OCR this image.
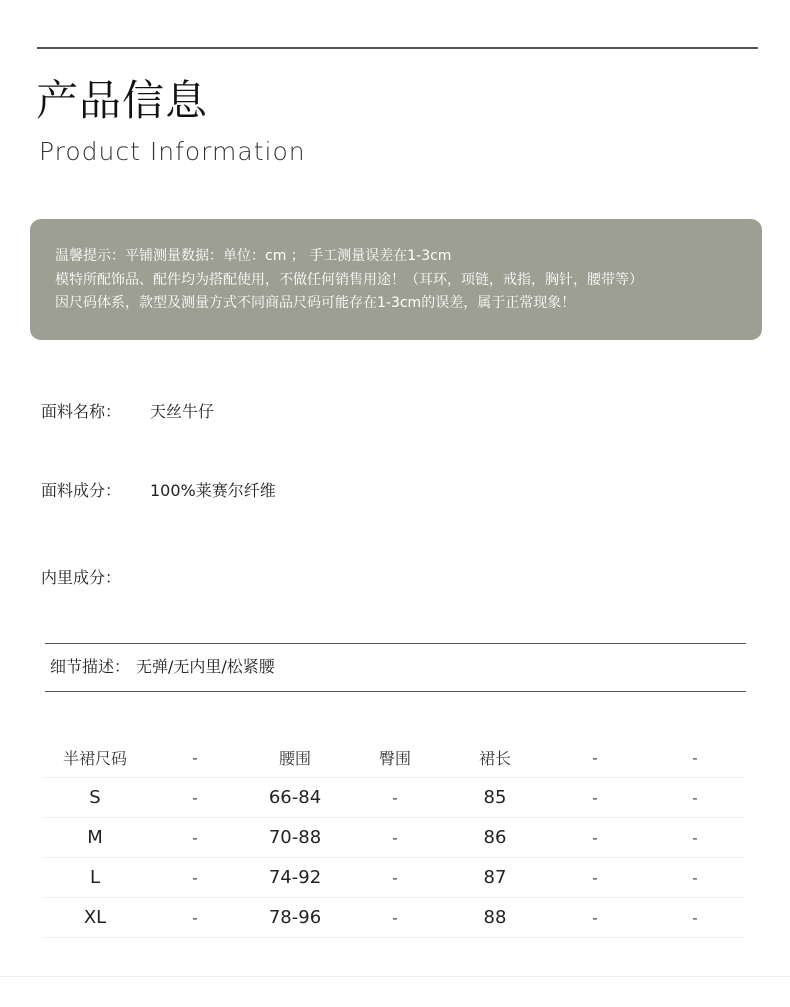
产品信息
Product Information
温馨提示：平铺测量数据：单位：cm ； 手工测量误差在1-3cm
模特所配饰品、配件均为搭配使用，不做任何销售用途！（耳环，项链，戒指，胸针，腰带等）
因尺码体系，款型及测量方式不同商品尺码可能存在1-3cm的误差，属于正常现象！
面料名称： 天丝牛仔
面料成分： 100%莱赛尔纤维
内里成分：
细节描述： 无弹/无内里/松紧腰
半裙尺码	-	腰围	臀围	裙长	-	-
S	-	66-84	-	85	-	-
M	-	70-88	-	86	-	-
L	-	74-92	-	87	-	-
XL	-	78-96	-	88	-	-
